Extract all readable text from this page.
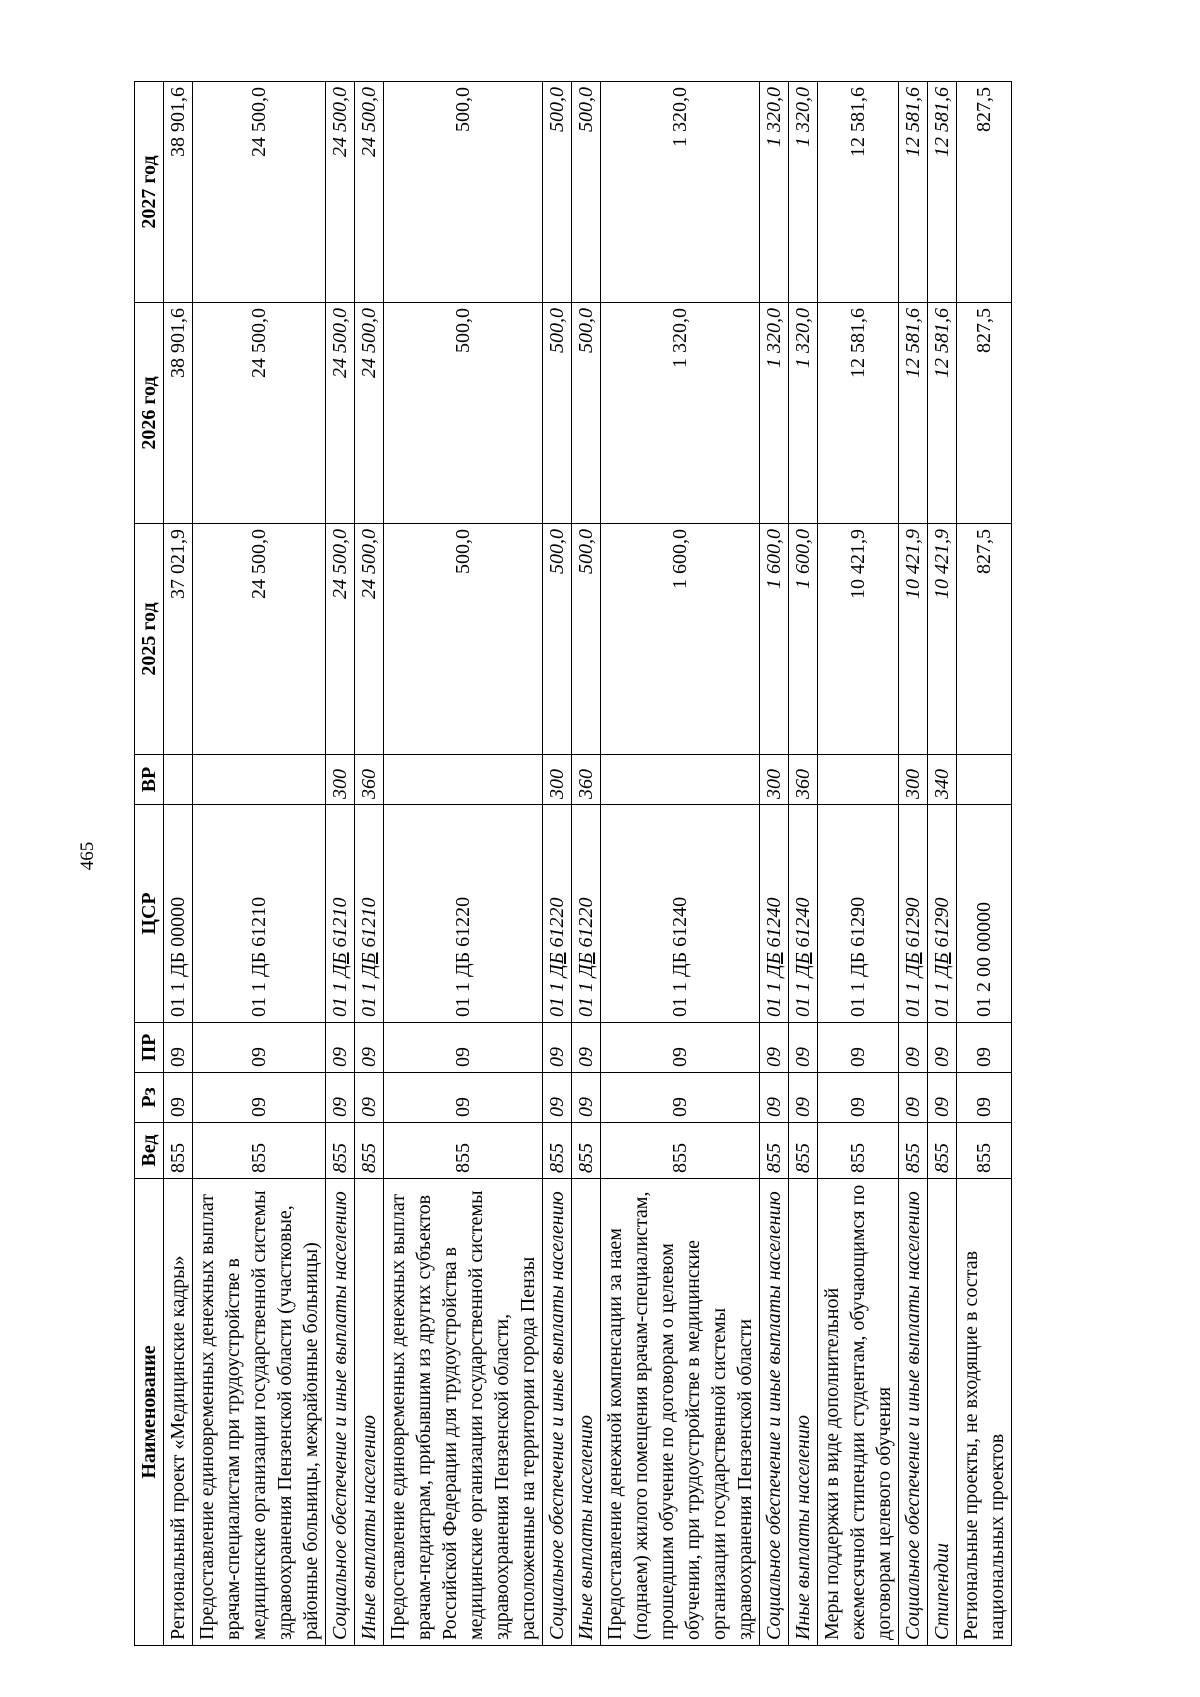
465
Наименование	Вед	Рз	ПР	ЦСР	ВР	2025 год	2026 год	2027 год
Региональный проект «Медицинские кадры»	855	09	09	01 1 ДБ 00000		37 021,9	38 901,6	38 901,6
Предоставление единовременных денежных выплат врачам-специалистам при трудоустройстве в медицинские организации государственной системы здравоохранения Пензенской области (участковые, районные больницы, межрайонные больницы)	855	09	09	01 1 ДБ 61210		24 500,0	24 500,0	24 500,0
Социальное обеспечение и иные выплаты населению	855	09	09	01 1 ДБ 61210	300	24 500,0	24 500,0	24 500,0
Иные выплаты населению	855	09	09	01 1 ДБ 61210	360	24 500,0	24 500,0	24 500,0
Предоставление единовременных денежных выплат врачам-педиатрам, прибывшим из других субъектов Российской Федерации для трудоустройства в медицинские организации государственной системы здравоохранения Пензенской области, расположенные на территории города Пензы	855	09	09	01 1 ДБ 61220		500,0	500,0	500,0
Социальное обеспечение и иные выплаты населению	855	09	09	01 1 ДБ 61220	300	500,0	500,0	500,0
Иные выплаты населению	855	09	09	01 1 ДБ 61220	360	500,0	500,0	500,0
Предоставление денежной компенсации за наем (поднаем) жилого помещения врачам-специалистам, прошедшим обучение по договорам о целевом обучении, при трудоустройстве в медицинские организации государственной системы здравоохранения Пензенской области	855	09	09	01 1 ДБ 61240		1 600,0	1 320,0	1 320,0
Социальное обеспечение и иные выплаты населению	855	09	09	01 1 ДБ 61240	300	1 600,0	1 320,0	1 320,0
Иные выплаты населению	855	09	09	01 1 ДБ 61240	360	1 600,0	1 320,0	1 320,0
Меры поддержки в виде дополнительной ежемесячной стипендии студентам, обучающимся по договорам целевого обучения	855	09	09	01 1 ДБ 61290		10 421,9	12 581,6	12 581,6
Социальное обеспечение и иные выплаты населению	855	09	09	01 1 ДБ 61290	300	10 421,9	12 581,6	12 581,6
Стипендии	855	09	09	01 1 ДБ 61290	340	10 421,9	12 581,6	12 581,6
Региональные проекты, не входящие в состав национальных проектов	855	09	09	01 2 00 00000		827,5	827,5	827,5
